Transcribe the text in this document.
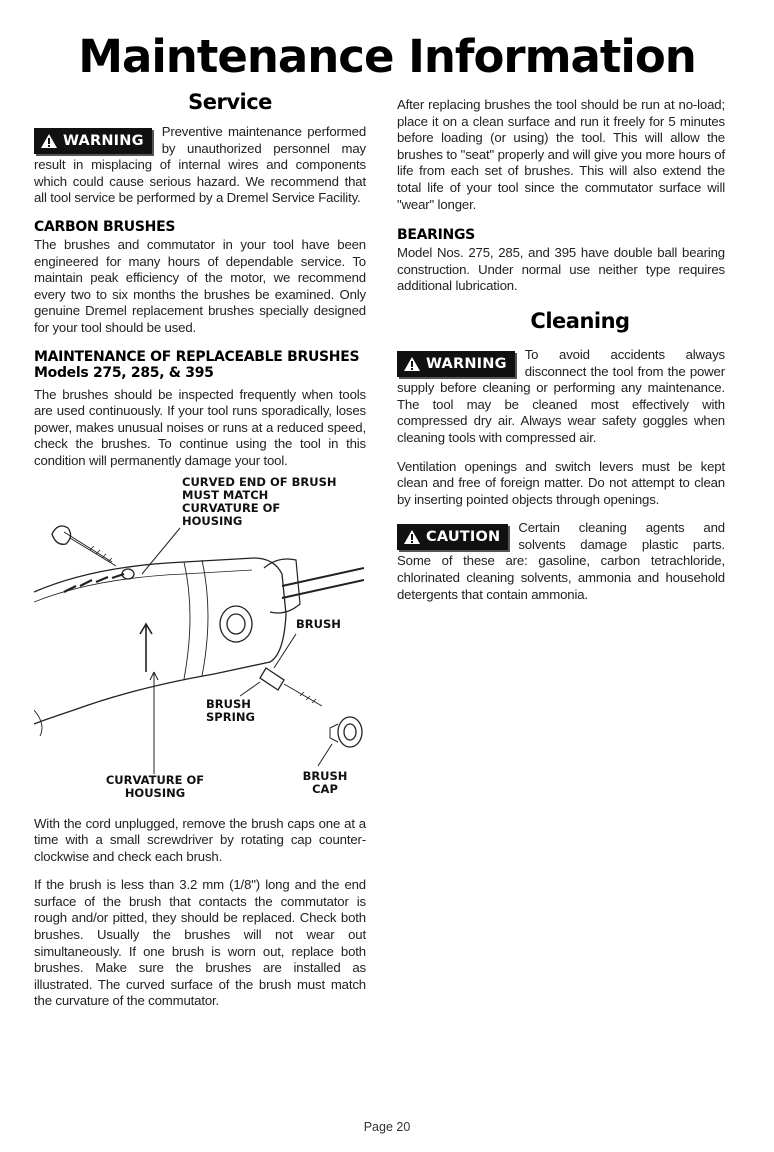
Maintenance Information
Service
WARNING

Preventive maintenance performed by unauthorized personnel may result in misplacing of internal wires and components which could cause serious hazard. We recommend that all tool service be performed by a Dremel Service Facility.

CARBON BRUSHES

The brushes and commutator in your tool have been engineered for many hours of dependable service. To maintain peak efficiency of the motor, we recommend every two to six months the brushes be examined. Only genuine Dremel replacement brushes specially designed for your tool should be used.

MAINTENANCE OF REPLACEABLE BRUSHES
Models 275, 285, & 395

The brushes should be inspected frequently when tools are used continuously. If your tool runs sporadically, loses power, makes unusual noises or runs at a reduced speed, check the brushes. To continue using the tool in this condition will permanently damage your tool.

CURVED END OF BRUSH MUST MATCH CURVATURE OF HOUSING
BRUSH
BRUSH SPRING
CURVATURE OF HOUSING
BRUSH CAP

With the cord unplugged, remove the brush caps one at a time with a small screwdriver by rotating cap counter-clockwise and check each brush.

If the brush is less than 3.2 mm (1/8") long and the end surface of the brush that contacts the commutator is rough and/or pitted, they should be replaced. Check both brushes. Usually the brushes will not wear out simultaneously. If one brush is worn out, replace both brushes. Make sure the brushes are installed as illustrated. The curved surface of the brush must match the curvature of the commutator.

After replacing brushes the tool should be run at no-load; place it on a clean surface and run it freely for 5 minutes before loading (or using) the tool. This will allow the brushes to "seat" properly and will give you more hours of life from each set of brushes. This will also extend the total life of your tool since the commutator surface will "wear" longer.

BEARINGS

Model Nos. 275, 285, and 395 have double ball bearing construction. Under normal use neither type requires additional lubrication.

Cleaning
WARNING

To avoid accidents always disconnect the tool from the power supply before cleaning or performing any maintenance. The tool may be cleaned most effectively with compressed dry air. Always wear safety goggles when cleaning tools with compressed air.

Ventilation openings and switch levers must be kept clean and free of foreign matter. Do not attempt to clean by inserting pointed objects through openings.

CAUTION

Certain cleaning agents and solvents damage plastic parts. Some of these are: gasoline, carbon tetrachloride, chlorinated cleaning solvents, ammonia and household detergents that contain ammonia.

Page 20
